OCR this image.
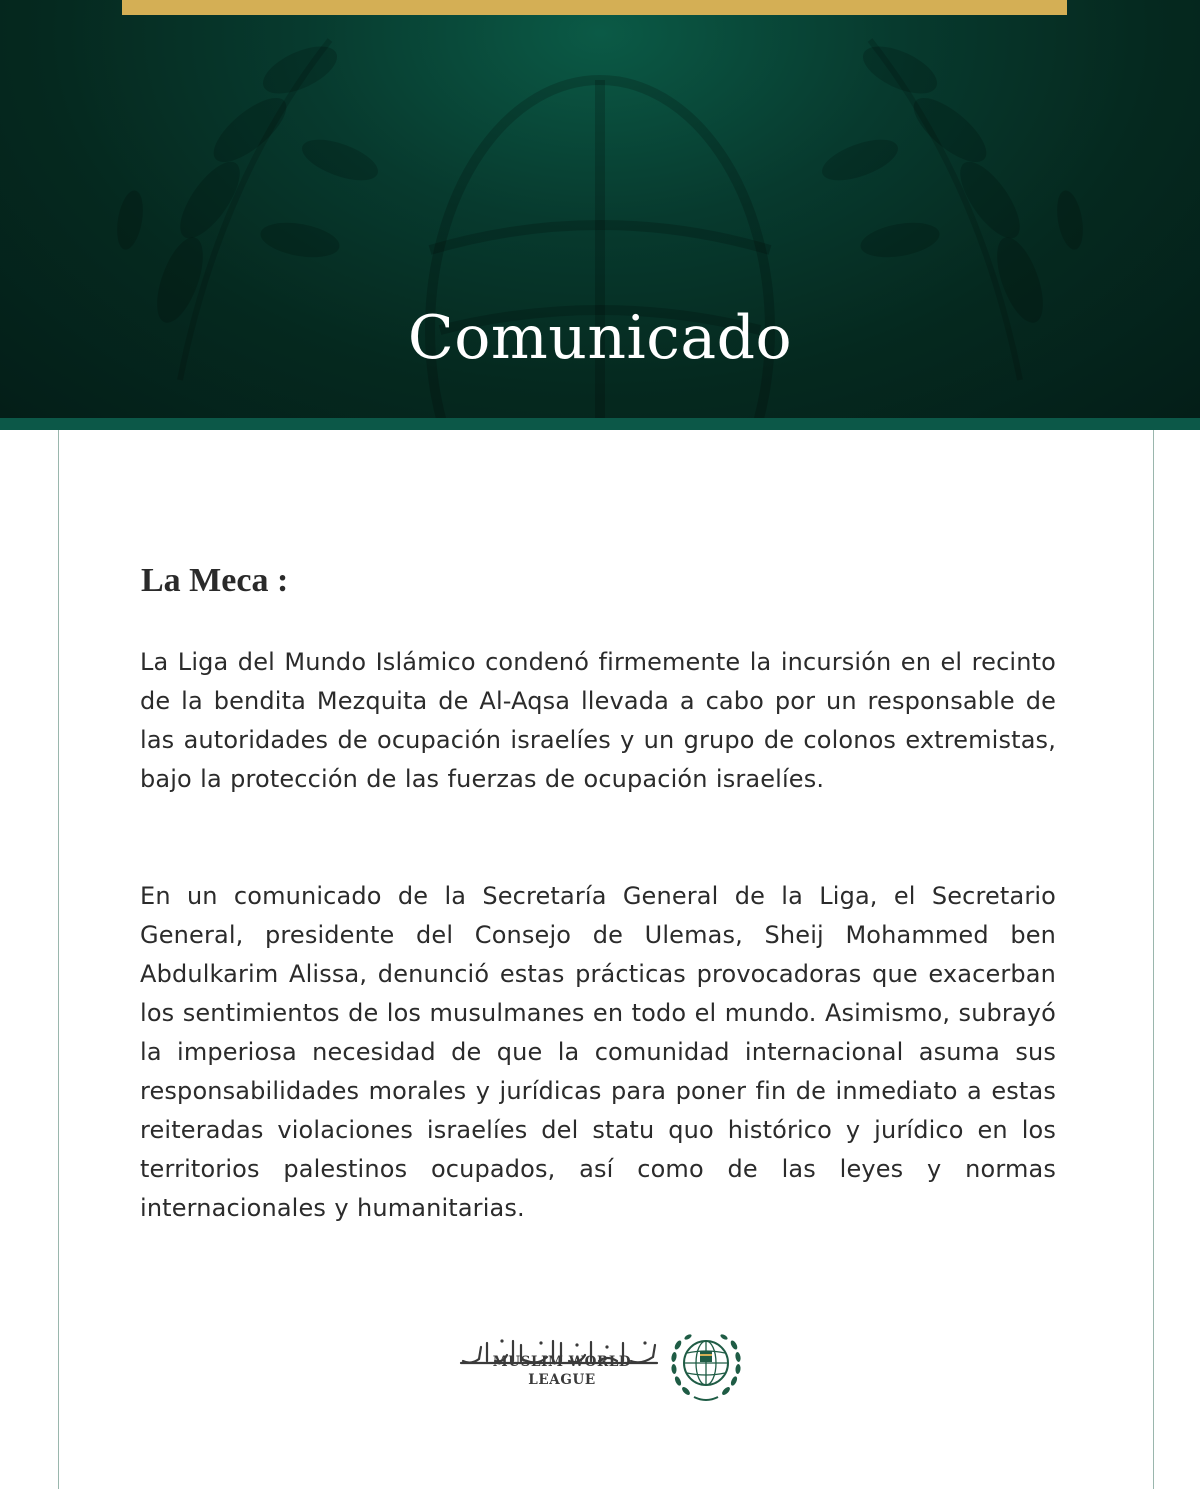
Comunicado
La Meca :
La Liga del Mundo Islámico condenó firmemente la incursión en el recinto de la bendita Mezquita de Al-Aqsa llevada a cabo por un responsable de las autoridades de ocupación israelíes y un grupo de colonos extremistas, bajo la protección de las fuerzas de ocupación israelíes.
En un comunicado de la Secretaría General de la Liga, el Secretario General, presidente del Consejo de Ulemas, Sheij Mohammed ben Abdulkarim Alissa, denunció estas prácticas provocadoras que exacerban los sentimientos de los musulmanes en todo el mundo. Asimismo, subrayó la imperiosa necesidad de que la comunidad internacional asuma sus responsabilidades morales y jurídicas para poner fin de inmediato a estas reiteradas violaciones israelíes del statu quo histórico y jurídico en los territorios palestinos ocupados, así como de las leyes y normas internacionales y humanitarias.
MUSLIM WORLD LEAGUE
